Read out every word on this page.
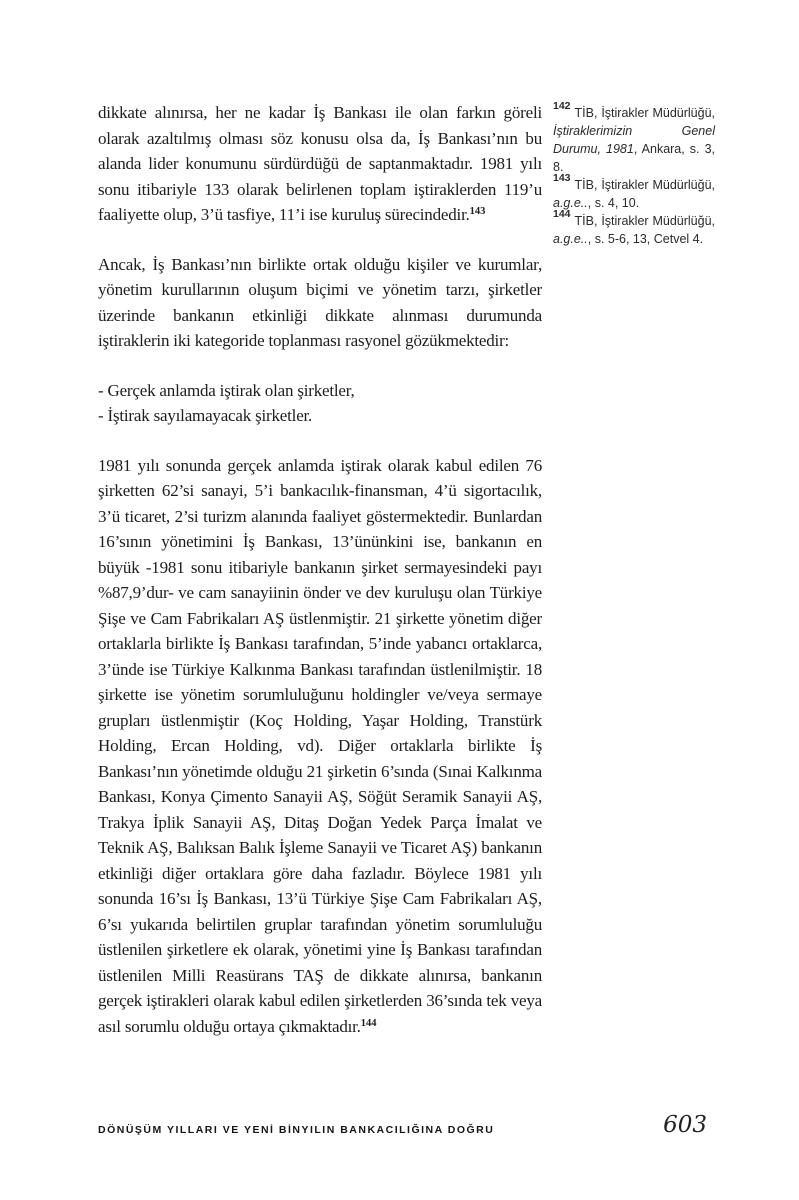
dikkate alınırsa, her ne kadar İş Bankası ile olan farkın göreli olarak azaltılmış olması söz konusu olsa da, İş Bankası’nın bu alanda lider konumunu sürdürdüğü de saptanmaktadır. 1981 yılı sonu itibariyle 133 olarak belirlenen toplam iştiraklerden 119’u faaliyette olup, 3’ü tasfiye, 11’i ise kuruluş sürecindedir.$^{143}$

Ancak, İş Bankası’nın birlikte ortak olduğu kişiler ve kurumlar, yönetim kurullarının oluşum biçimi ve yönetim tarzı, şirketler üzerinde bankanın etkinliği dikkate alınması durumunda iştiraklerin iki kategoride toplanması rasyonel gözükmektedir:

- Gerçek anlamda iştirak olan şirketler,
- İştirak sayılamayacak şirketler.

1981 yılı sonunda gerçek anlamda iştirak olarak kabul edilen 76 şirketten 62’si sanayi, 5’i bankacılık-finansman, 4’ü sigortacılık, 3’ü ticaret, 2’si turizm alanında faaliyet göstermektedir. Bunlardan 16’sının yönetimini İş Bankası, 13’ününkini ise, bankanın en büyük -1981 sonu itibariyle bankanın şirket sermayesindeki payı %87,9’dur- ve cam sanayiinin önder ve dev kuruluşu olan Türkiye Şişe ve Cam Fabrikaları AŞ üstlenmiştir. 21 şirkette yönetim diğer ortaklarla birlikte İş Bankası tarafından, 5’inde yabancı ortaklarca, 3’ünde ise Türkiye Kalkınma Bankası tarafından üstlenilmiştir. 18 şirkette ise yönetim sorumluluğunu holdingler ve/veya sermaye grupları üstlenmiştir (Koç Holding, Yaşar Holding, Transtürk Holding, Ercan Holding, vd). Diğer ortaklarla birlikte İş Bankası’nın yönetimde olduğu 21 şirketin 6’sında (Sınai Kalkınma Bankası, Konya Çimento Sanayii AŞ, Söğüt Seramik Sanayii AŞ, Trakya İplik Sanayii AŞ, Ditaş Doğan Yedek Parça İmalat ve Teknik AŞ, Balıksan Balık İşleme Sanayii ve Ticaret AŞ) bankanın etkinliği diğer ortaklara göre daha fazladır. Böylece 1981 yılı sonunda 16’sı İş Bankası, 13’ü Türkiye Şişe Cam Fabrikaları AŞ, 6’sı yukarıda belirtilen gruplar tarafından yönetim sorumluluğu üstlenilen şirketlere ek olarak, yönetimi yine İş Bankası tarafından üstlenilen Milli Reasürans TAŞ de dikkate alınırsa, bankanın gerçek iştirakleri olarak kabul edilen şirketlerden 36’sında tek veya asıl sorumlu olduğu ortaya çıkmaktadır.$^{144}$

$^{142}$TİB, İştirakler Müdürlüğü, İştiraklerimizin Genel Durumu, 1981, Ankara, s. 3, 8.

$^{143}$TİB, İştirakler Müdürlüğü, a.g.e.., s. 4, 10.

$^{144}$TİB, İştirakler Müdürlüğü, a.g.e.., s. 5-6, 13, Cetvel 4.

DÖNÜŞÜM YILLARI VE YENİ BİNYILIN BANKACILIĞINA DOĞRU	603
